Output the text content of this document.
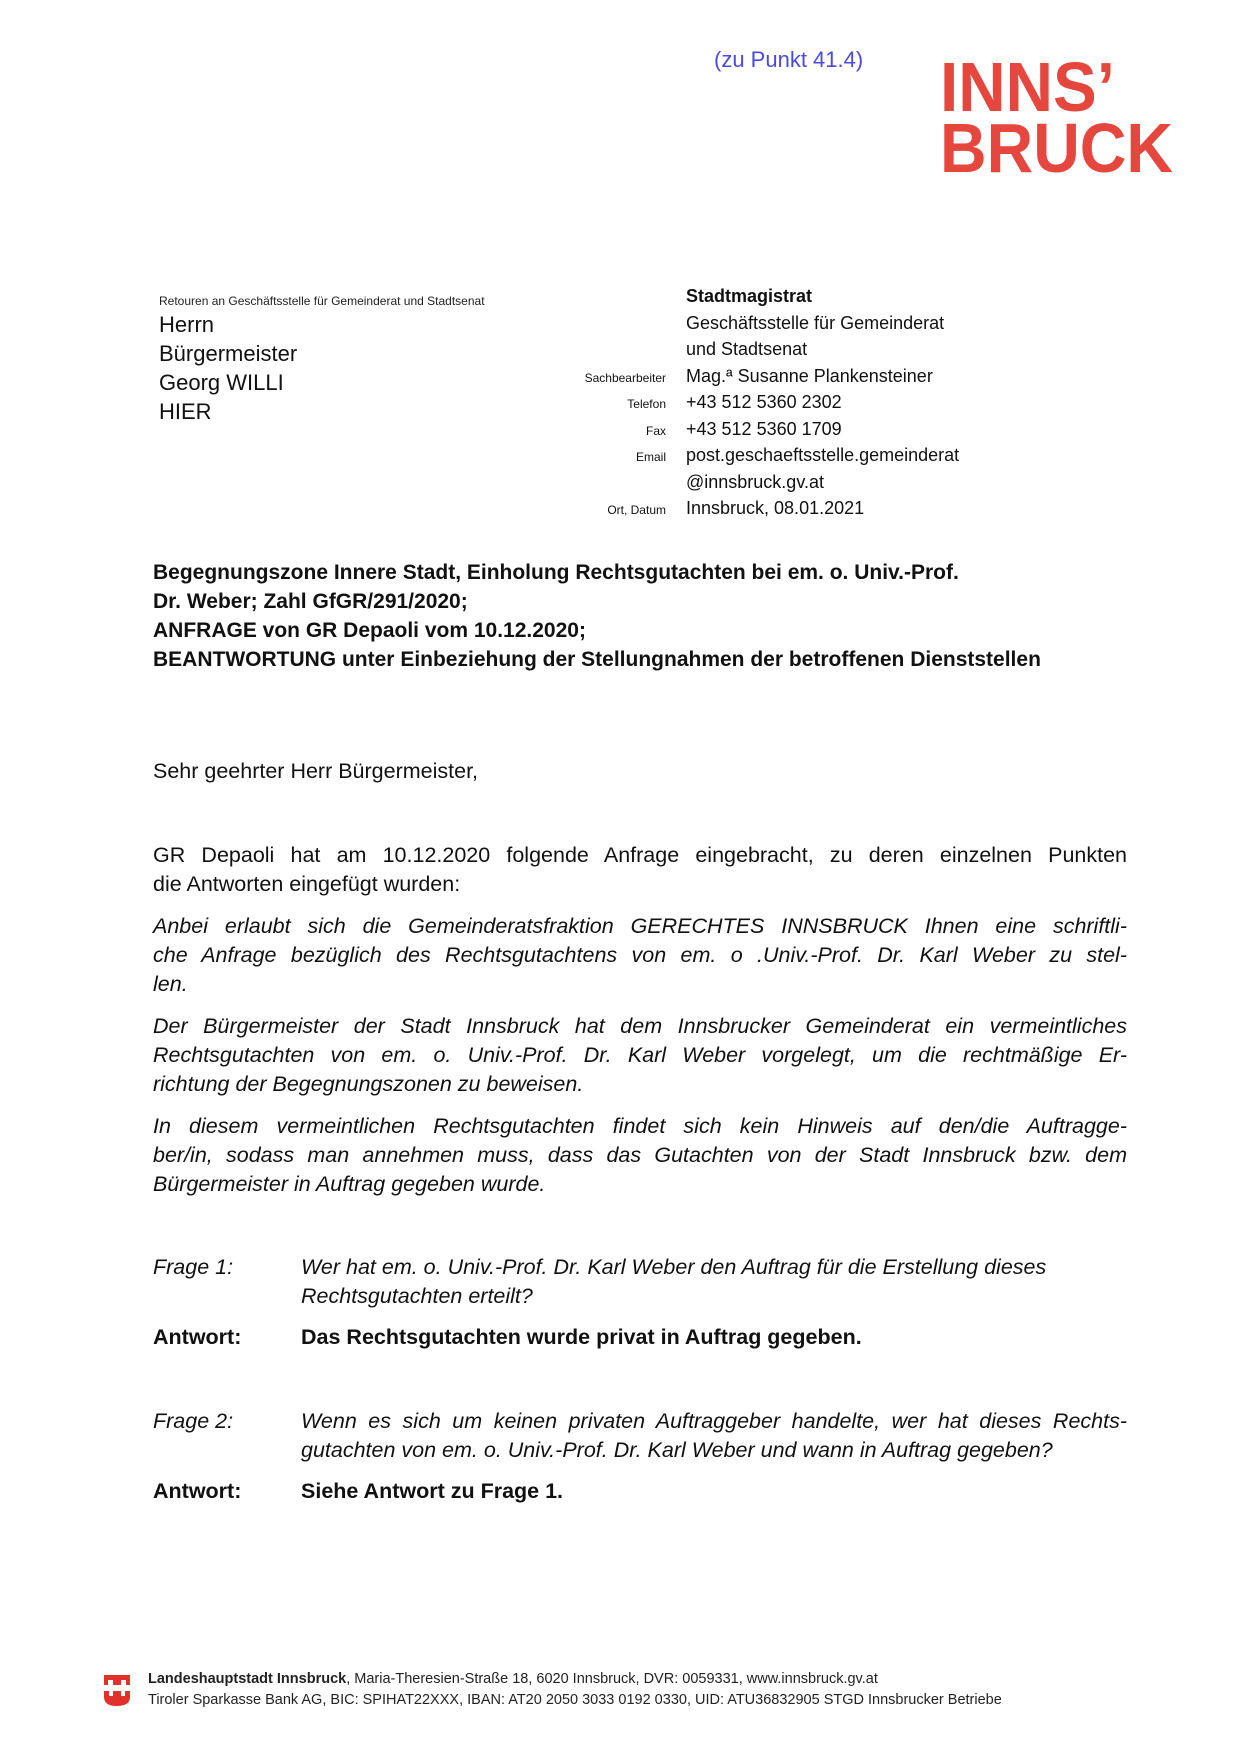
(zu Punkt 41.4) INNS’
BRUCK
Retouren an Geschäftsstelle für Gemeinderat und Stadtsenat
Herrn
Bürgermeister
Georg WILLI
HIER
Stadtmagistrat
Geschäftsstelle für Gemeinderat
und Stadtsenat
Sachbearbeiter	Mag.ª Susanne Plankensteiner
Telefon	+43 512 5360 2302
Fax	+43 512 5360 1709
Email	post.geschaeftsstelle.gemeinderat
@innsbruck.gv.at
Ort, Datum	Innsbruck, 08.01.2021
Begegnungszone Innere Stadt, Einholung Rechtsgutachten bei em. o. Univ.-Prof.
Dr. Weber; Zahl GfGR/291/2020;
ANFRAGE von GR Depaoli vom 10.12.2020;
BEANTWORTUNG unter Einbeziehung der Stellungnahmen der betroffenen Dienststellen
Sehr geehrter Herr Bürgermeister,
GR Depaoli hat am 10.12.2020 folgende Anfrage eingebracht, zu deren einzelnen Punkten
die Antworten eingefügt wurden:
Anbei erlaubt sich die Gemeinderatsfraktion GERECHTES INNSBRUCK Ihnen eine schriftli-
che Anfrage bezüglich des Rechtsgutachtens von em. o .Univ.-Prof. Dr. Karl Weber zu stel-
len.
Der Bürgermeister der Stadt Innsbruck hat dem Innsbrucker Gemeinderat ein vermeintliches
Rechtsgutachten von em. o. Univ.-Prof. Dr. Karl Weber vorgelegt, um die rechtmäßige Er-
richtung der Begegnungszonen zu beweisen.
In diesem vermeintlichen Rechtsgutachten findet sich kein Hinweis auf den/die Auftragge-
ber/in, sodass man annehmen muss, dass das Gutachten von der Stadt Innsbruck bzw. dem
Bürgermeister in Auftrag gegeben wurde.
Frage 1:	Wer hat em. o. Univ.-Prof. Dr. Karl Weber den Auftrag für die Erstellung dieses
Rechtsgutachten erteilt?
Antwort:	Das Rechtsgutachten wurde privat in Auftrag gegeben.
Frage 2:	Wenn es sich um keinen privaten Auftraggeber handelte, wer hat dieses Rechts-
gutachten von em. o. Univ.-Prof. Dr. Karl Weber und wann in Auftrag gegeben?
Antwort:	Siehe Antwort zu Frage 1.
Landeshauptstadt Innsbruck, Maria-Theresien-Straße 18, 6020 Innsbruck, DVR: 0059331, www.innsbruck.gv.at
Tiroler Sparkasse Bank AG, BIC: SPIHAT22XXX, IBAN: AT20 2050 3033 0192 0330, UID: ATU36832905 STGD Innsbrucker Betriebe
